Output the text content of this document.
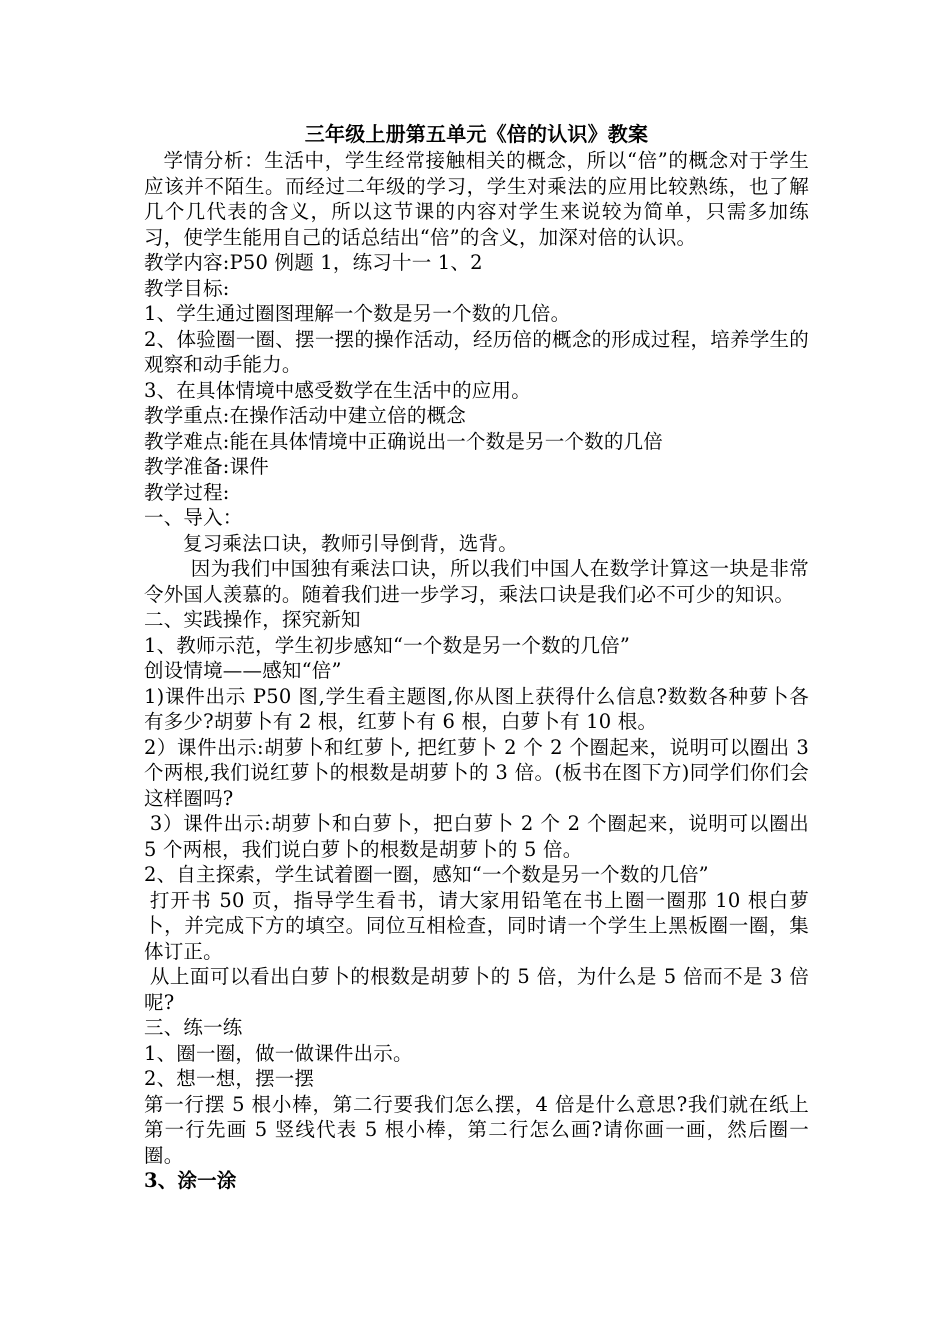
三年级上册第五单元《倍的认识》教案

学情分析：生活中，学生经常接触相关的概念，所以“倍”的概念对于学生应该并不陌生。而经过二年级的学习，学生对乘法的应用比较熟练，也了解几个几代表的含义，所以这节课的内容对学生来说较为简单，只需多加练习，使学生能用自己的话总结出“倍”的含义，加深对倍的认识。

教学内容:P50 例题 1，练习十一 1、2

教学目标:

1、学生通过圈图理解一个数是另一个数的几倍。

2、体验圈一圈、摆一摆的操作活动，经历倍的概念的形成过程，培养学生的观察和动手能力。

3、在具体情境中感受数学在生活中的应用。

教学重点:在操作活动中建立倍的概念

教学难点:能在具体情境中正确说出一个数是另一个数的几倍

教学准备:课件

教学过程:

一、导入：

复习乘法口诀，教师引导倒背，选背。

因为我们中国独有乘法口诀，所以我们中国人在数学计算这一块是非常令外国人羡慕的。随着我们进一步学习，乘法口诀是我们必不可少的知识。

二、实践操作，探究新知

1、教师示范，学生初步感知“一个数是另一个数的几倍”

创设情境——感知“倍”

1)课件出示 P50 图,学生看主题图,你从图上获得什么信息?数数各种萝卜各有多少?胡萝卜有 2 根，红萝卜有 6 根，白萝卜有 10 根。

2）课件出示:胡萝卜和红萝卜, 把红萝卜 2 个 2 个圈起来，说明可以圈出 3 个两根,我们说红萝卜的根数是胡萝卜的 3 倍。(板书在图下方)同学们你们会这样圈吗?

3）课件出示:胡萝卜和白萝卜，把白萝卜 2 个 2 个圈起来，说明可以圈出 5 个两根，我们说白萝卜的根数是胡萝卜的 5 倍。

2、自主探索，学生试着圈一圈，感知“一个数是另一个数的几倍”

打开书 50 页，指导学生看书，请大家用铅笔在书上圈一圈那 10 根白萝卜，并完成下方的填空。同位互相检查，同时请一个学生上黑板圈一圈，集体订正。

从上面可以看出白萝卜的根数是胡萝卜的 5 倍，为什么是 5 倍而不是 3 倍呢?

三、练一练

1、圈一圈，做一做课件出示。

2、想一想，摆一摆

第一行摆 5 根小棒，第二行要我们怎么摆，4 倍是什么意思?我们就在纸上第一行先画 5 竖线代表 5 根小棒，第二行怎么画?请你画一画，然后圈一圈。

3、涂一涂
